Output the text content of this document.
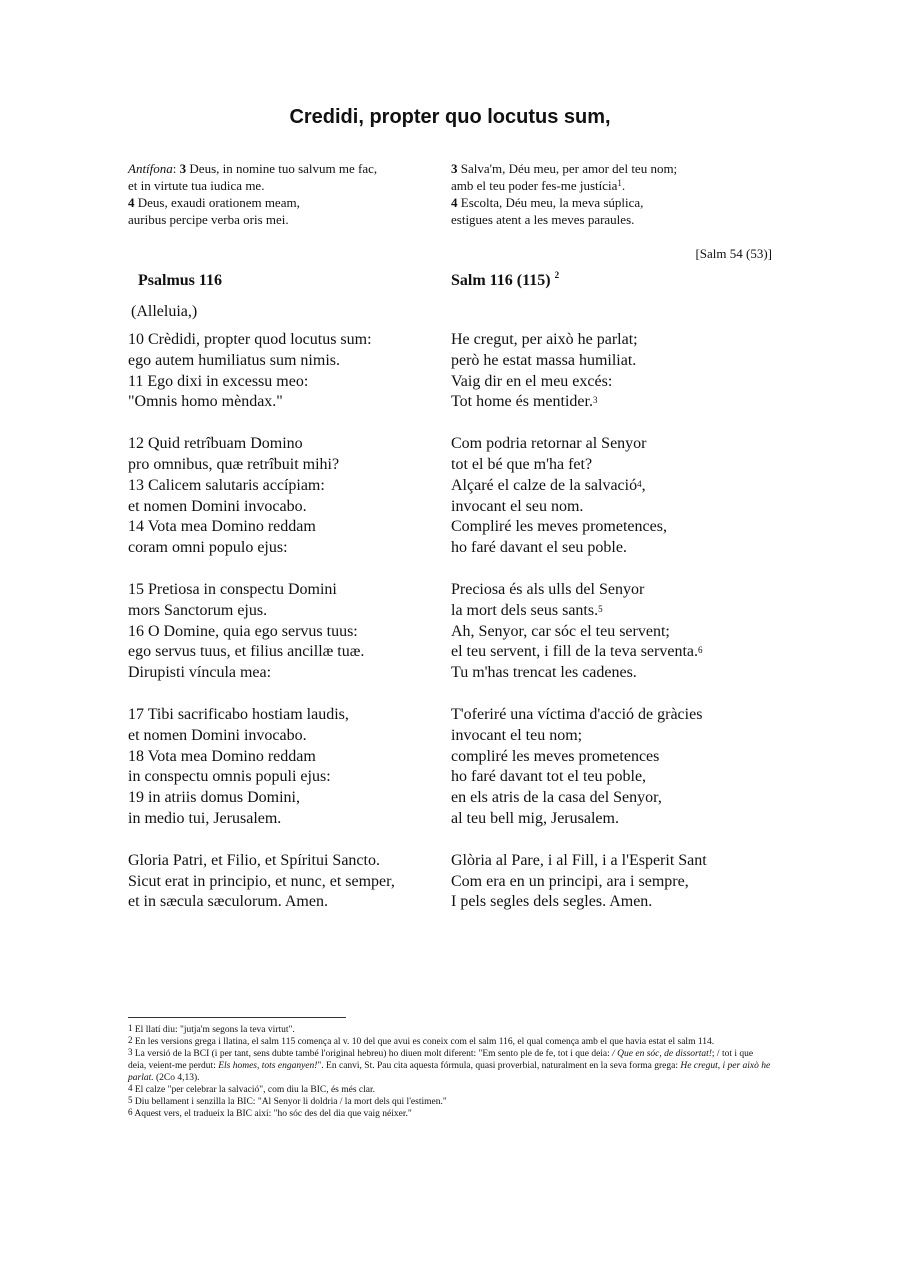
Credidi, propter quo locutus sum,
Antífona: 3 Deus, in nomine tuo salvum me fac,
et in virtute tua iudica me.
4 Deus, exaudi orationem meam,
auribus percipe verba oris mei.
3 Salva'm, Déu meu, per amor del teu nom;
amb el teu poder fes-me justícia$^1$.
4 Escolta, Déu meu, la meva súplica,
estigues atent a les meves paraules.
[Salm 54 (53)]
Psalmus 116	Salm 116 (115) $^2$
(Alleluia,)
10 Crèdidi, propter quod locutus sum:
ego autem humiliatus sum nimis.
11 Ego dixi in excessu meo:
"Omnis homo mèndax."
12 Quid retrîbuam Domino
pro omnibus, quæ retrîbuit mihi?
13 Calicem salutaris accípiam:
et nomen Domini invocabo.
14 Vota mea Domino reddam
coram omni populo ejus:
15 Pretiosa in conspectu Domini
mors Sanctorum ejus.
16 O Domine, quia ego servus tuus:
ego servus tuus, et filius ancillæ tuæ.
Dirupisti víncula mea:
17 Tibi sacrificabo hostiam laudis,
et nomen Domini invocabo.
18 Vota mea Domino reddam
in conspectu omnis populi ejus:
19 in atriis domus Domini,
in medio tui, Jerusalem.
Gloria Patri, et Filio, et Spíritui Sancto.
Sicut erat in principio, et nunc, et semper,
et in sæcula sæculorum. Amen.
He cregut, per això he parlat;
però he estat massa humiliat.
Vaig dir en el meu excés:
Tot home és mentider.$^3$
Com podria retornar al Senyor
tot el bé que m'ha fet?
Alçaré el calze de la salvació$^4$,
invocant el seu nom.
Compliré les meves prometences,
ho faré davant el seu poble.
Preciosa és als ulls del Senyor
la mort dels seus sants.$^5$
Ah, Senyor, car sóc el teu servent;
el teu servent, i fill de la teva serventa.$^6$
Tu m'has trencat les cadenes.
T'oferiré una víctima d'acció de gràcies
invocant el teu nom;
compliré les meves prometences
ho faré davant tot el teu poble,
en els atris de la casa del Senyor,
al teu bell mig, Jerusalem.
Glòria al Pare, i al Fill, i a l'Esperit Sant
Com era en un principi, ara i sempre,
I pels segles dels segles. Amen.
$^1$ El llatí diu: "jutja'm segons la teva virtut".
$^2$ En les versions grega i llatina, el salm 115 comença al v. 10 del que avui es coneix com el salm 116, el qual comença amb el que havia estat el salm 114.
$^3$ La versió de la BCI (i per tant, sens dubte també l'original hebreu) ho diuen molt diferent: "Em sento ple de fe, tot i que deia: / Que en sóc, de dissortat!; / tot i que deia, veient-me perdut: Els homes, tots enganyen!". En canvi, St. Pau cita aquesta fórmula, quasi proverbial, naturalment en la seva forma grega: He cregut, i per això he parlat. (2Co 4,13).
$^4$ El calze "per celebrar la salvació", com diu la BIC, és més clar.
$^5$ Diu bellament i senzilla la BIC: "Al Senyor li doldria / la mort dels qui l'estimen."
$^6$ Aquest vers, el tradueix la BIC així: "ho sóc des del dia que vaig néixer."
